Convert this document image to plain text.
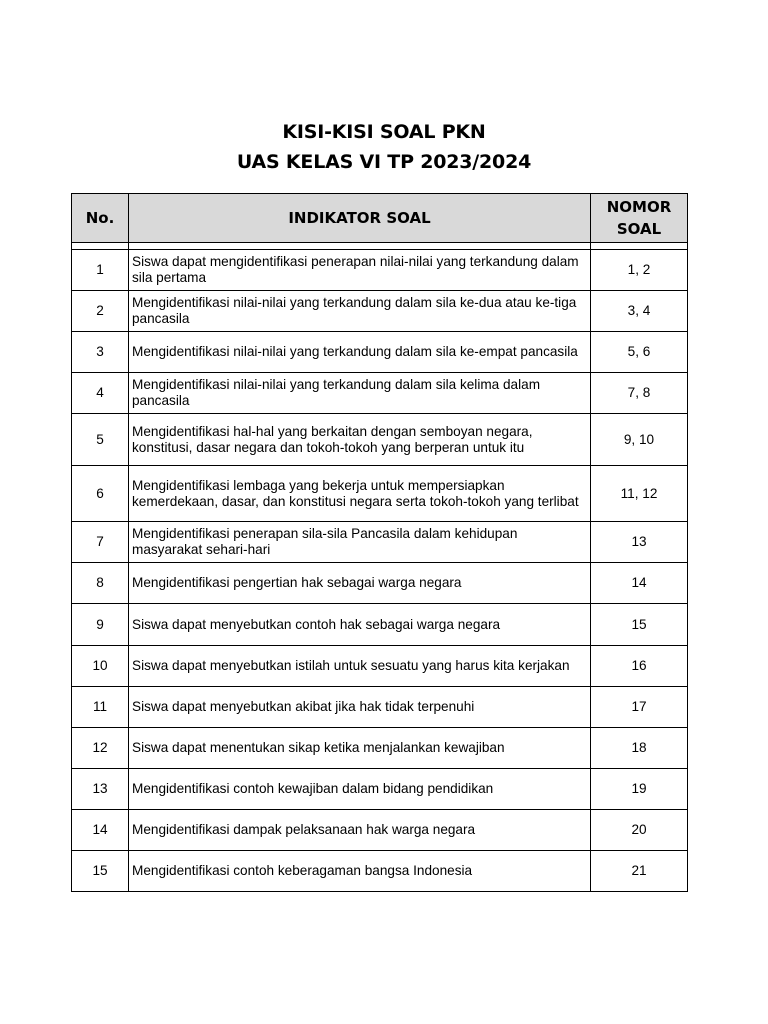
KISI-KISI SOAL PKN
UAS KELAS VI TP 2023/2024
No.	INDIKATOR SOAL	NOMOR SOAL

1	Siswa dapat mengidentifikasi penerapan nilai-nilai yang terkandung dalam sila pertama	1, 2
2	Mengidentifikasi nilai-nilai yang terkandung dalam sila ke-dua atau ke-tiga pancasila	3, 4
3	Mengidentifikasi nilai-nilai yang terkandung dalam sila ke-empat pancasila	5, 6
4	Mengidentifikasi nilai-nilai yang terkandung dalam sila kelima dalam pancasila	7, 8
5	Mengidentifikasi hal-hal yang berkaitan dengan semboyan negara, konstitusi, dasar negara dan tokoh-tokoh yang berperan untuk itu	9, 10
6	Mengidentifikasi lembaga yang bekerja untuk mempersiapkan kemerdekaan, dasar, dan konstitusi negara serta tokoh-tokoh yang terlibat	11, 12
7	Mengidentifikasi penerapan sila-sila Pancasila dalam kehidupan masyarakat sehari-hari	13
8	Mengidentifikasi pengertian hak sebagai warga negara	14
9	Siswa dapat menyebutkan contoh hak sebagai warga negara	15
10	Siswa dapat menyebutkan istilah untuk sesuatu yang harus kita kerjakan	16
11	Siswa dapat menyebutkan akibat jika hak tidak terpenuhi	17
12	Siswa dapat menentukan sikap ketika menjalankan kewajiban	18
13	Mengidentifikasi contoh kewajiban dalam bidang pendidikan	19
14	Mengidentifikasi dampak pelaksanaan hak warga negara	20
15	Mengidentifikasi contoh keberagaman bangsa Indonesia	21
